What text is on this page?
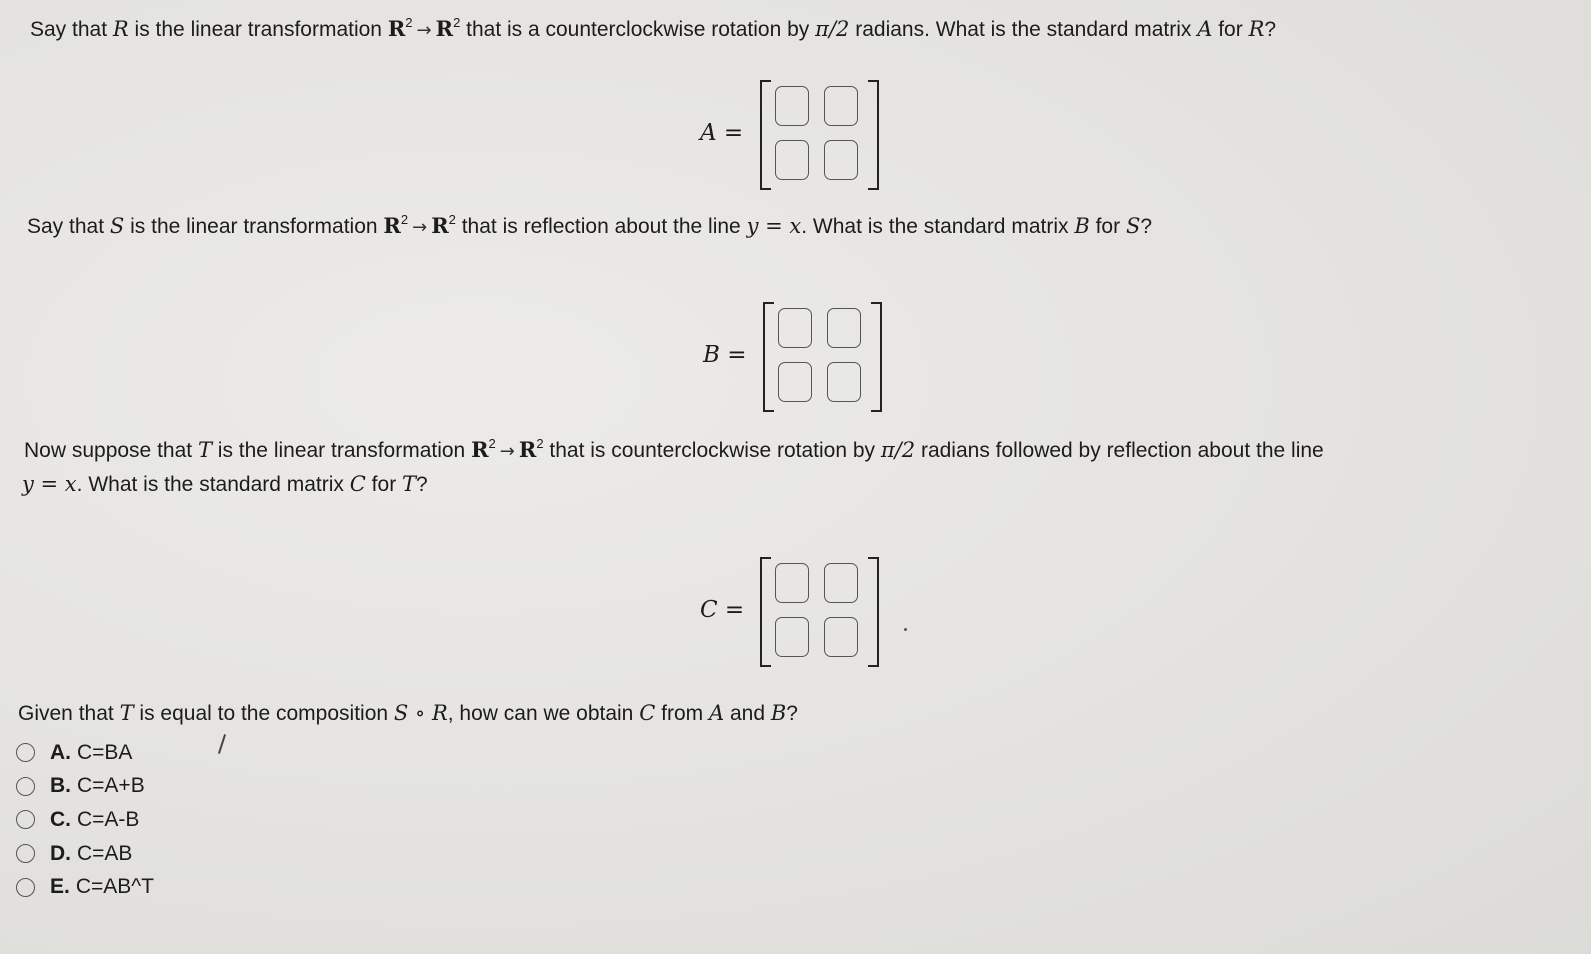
Say that R is the linear transformation $R^2 \to R^2$ that is a counterclockwise rotation by π/2 radians. What is the standard matrix A for R?
A =
Say that S is the linear transformation $R^2 \to R^2$ that is reflection about the line y = x. What is the standard matrix B for S?
B =
Now suppose that T is the linear transformation $R^2 \to R^2$ that is counterclockwise rotation by π/2 radians followed by reflection about the line
y = x. What is the standard matrix C for T?
C =
Given that T is equal to the composition S ∘ R, how can we obtain C from A and B?
A. C=BA
B. C=A+B
C. C=A-B
D. C=AB
E. C=AB^T
